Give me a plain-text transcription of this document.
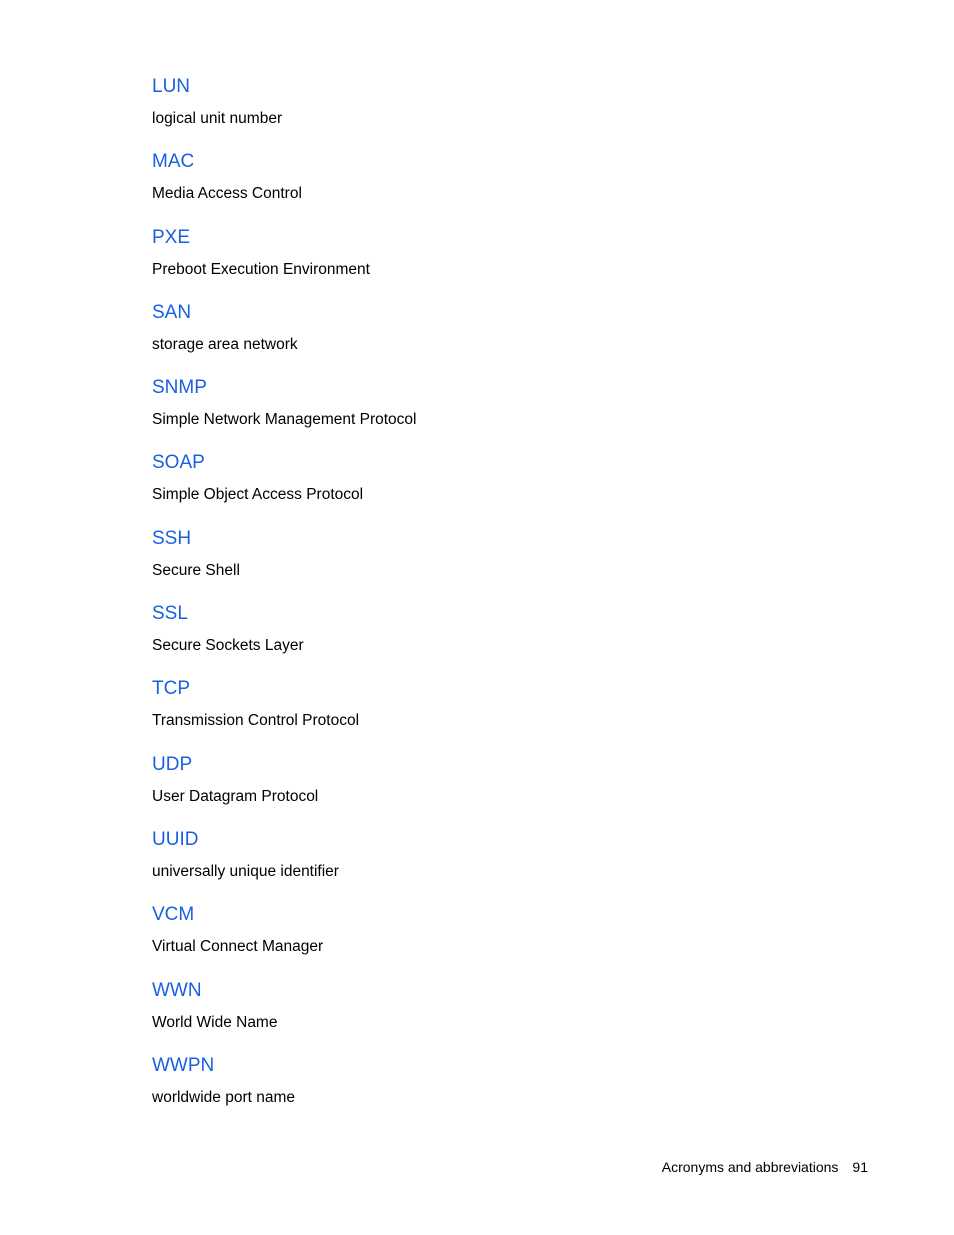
LUN
logical unit number
MAC
Media Access Control
PXE
Preboot Execution Environment
SAN
storage area network
SNMP
Simple Network Management Protocol
SOAP
Simple Object Access Protocol
SSH
Secure Shell
SSL
Secure Sockets Layer
TCP
Transmission Control Protocol
UDP
User Datagram Protocol
UUID
universally unique identifier
VCM
Virtual Connect Manager
WWN
World Wide Name
WWPN
worldwide port name
Acronyms and abbreviations 91
